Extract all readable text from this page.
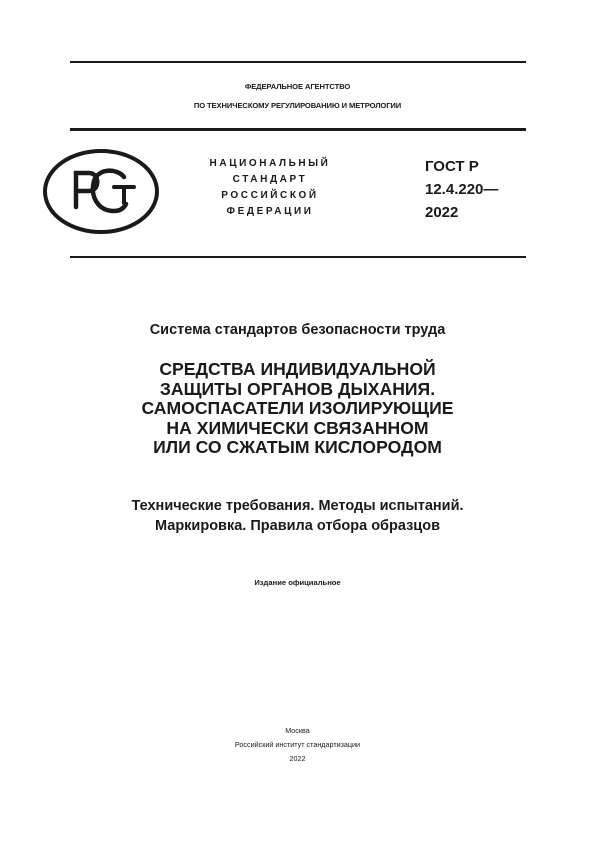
ФЕДЕРАЛЬНОЕ АГЕНТСТВО
ПО ТЕХНИЧЕСКОМУ РЕГУЛИРОВАНИЮ И МЕТРОЛОГИИ
НАЦИОНАЛЬНЫЙ
СТАНДАРТ
РОССИЙСКОЙ
ФЕДЕРАЦИИ
ГОСТ Р
12.4.220—
2022
Система стандартов безопасности труда
СРЕДСТВА ИНДИВИДУАЛЬНОЙ
ЗАЩИТЫ ОРГАНОВ ДЫХАНИЯ.
САМОСПАСАТЕЛИ ИЗОЛИРУЮЩИЕ
НА ХИМИЧЕСКИ СВЯЗАННОМ
ИЛИ СО СЖАТЫМ КИСЛОРОДОМ
Технические требования. Методы испытаний.
Маркировка. Правила отбора образцов
Издание официальное
Москва
Российский институт стандартизации
2022
